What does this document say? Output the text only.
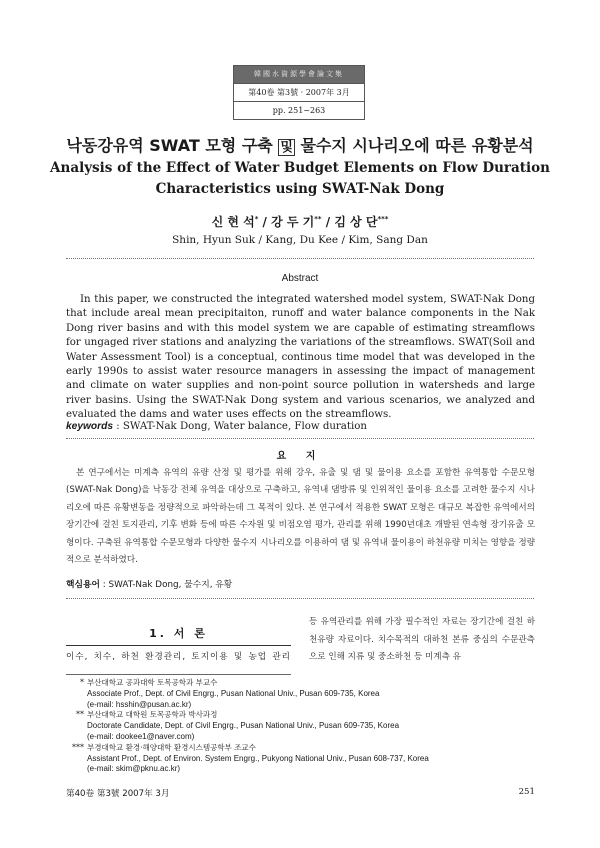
韓國水資源學會論文集
第40卷 第3號 · 2007年 3月
pp. 251~263
낙동강유역 SWAT 모형 구축 및 물수지 시나리오에 따른 유황분석
Analysis of the Effect of Water Budget Elements on Flow Duration
Characteristics using SWAT-Nak Dong
신 현 석* / 강 두 기** / 김 상 단***
Shin, Hyun Suk / Kang, Du Kee / Kim, Sang Dan
Abstract
In this paper, we constructed the integrated watershed model system, SWAT-Nak Dong that include areal mean precipitaiton, runoff and water balance components in the Nak Dong river basins and with this model system we are capable of estimating streamflows for ungaged river stations and analyzing the variations of the streamflows. SWAT(Soil and Water Assessment Tool) is a conceptual, continous time model that was developed in the early 1990s to assist water resource managers in assessing the impact of management and climate on water supplies and non-point source pollution in watersheds and large river basins. Using the SWAT-Nak Dong system and various scenarios, we analyzed and evaluated the dams and water uses effects on the streamflows.
keywords : SWAT-Nak Dong, Water balance, Flow duration
요 지
본 연구에서는 미계측 유역의 유량 산정 및 평가를 위해 강우, 유출 및 댐 및 물이용 요소를 포함한 유역통합 수문모형(SWAT-Nak Dong)을 낙동강 전체 유역을 대상으로 구축하고, 유역내 댐방류 및 인위적인 물이용 요소를 고려한 물수지 시나리오에 따른 유황변동을 정량적으로 파악하는데 그 목적이 있다. 본 연구에서 적용한 SWAT 모형은 대규모 복잡한 유역에서의 장기간에 걸친 토지관리, 기후 변화 등에 따른 수자원 및 비점오염 평가, 관리를 위해 1990년대초 개발된 연속형 장기유출 모형이다. 구축된 유역통합 수문모형과 다양한 물수지 시나리오를 이용하여 댐 및 유역내 물이용이 하천유량 미치는 영향을 정량적으로 분석하였다.
핵심용어 : SWAT-Nak Dong, 물수지, 유황
1. 서 론
이수, 치수, 하천 환경관리, 토지이용 및 농업 관리
등 유역관리를 위해 가장 필수적인 자료는 장기간에 걸친 하천유량 자료이다. 치수목적의 대하천 본류 중심의 수문관측으로 인해 지류 및 중소하천 등 미계측 유
* 부산대학교 공과대학 토목공학과 부교수
Associate Prof., Dept. of Civil Engrg., Pusan National Univ., Pusan 609-735, Korea
(e-mail: hsshin@pusan.ac.kr)
** 부산대학교 대학원 토목공학과 박사과정
Doctorate Candidate, Dept. of Civil Engrg., Pusan National Univ., Pusan 609-735, Korea
(e-mail: dookee1@naver.com)
*** 부경대학교 환경·해양대학 환경시스템공학부 조교수
Assistant Prof., Dept. of Environ. System Engrg., Pukyong National Univ., Pusan 608-737, Korea
(e-mail: skim@pknu.ac.kr)
第40卷 第3號 2007年 3月	251
